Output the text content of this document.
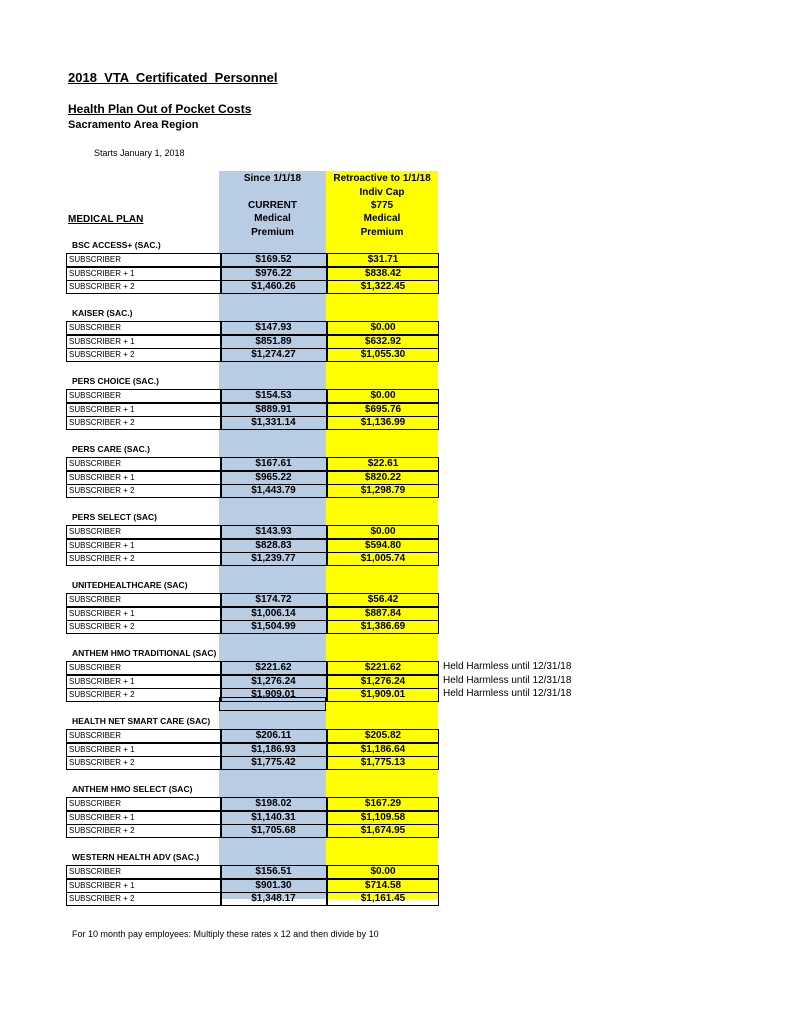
2018  VTA  Certificated  Personnel
Health Plan Out of Pocket Costs
Sacramento Area Region
Starts January 1, 2018
Since 1/1/18
CURRENT
Medical
Premium
Retroactive to 1/1/18
Indiv Cap
$775
Medical
Premium
MEDICAL PLAN
BSC ACCESS+ (SAC.)
SUBSCRIBER	$169.52	$31.71
SUBSCRIBER + 1	$976.22	$838.42
SUBSCRIBER + 2	$1,460.26	$1,322.45
KAISER (SAC.)
SUBSCRIBER	$147.93	$0.00
SUBSCRIBER + 1	$851.89	$632.92
SUBSCRIBER + 2	$1,274.27	$1,055.30
PERS CHOICE (SAC.)
SUBSCRIBER	$154.53	$0.00
SUBSCRIBER + 1	$889.91	$695.76
SUBSCRIBER + 2	$1,331.14	$1,136.99
PERS CARE (SAC.)
SUBSCRIBER	$167.61	$22.61
SUBSCRIBER + 1	$965.22	$820.22
SUBSCRIBER + 2	$1,443.79	$1,298.79
PERS SELECT (SAC)
SUBSCRIBER	$143.93	$0.00
SUBSCRIBER + 1	$828.83	$594.80
SUBSCRIBER + 2	$1,239.77	$1,005.74
UNITEDHEALTHCARE (SAC)
SUBSCRIBER	$174.72	$56.42
SUBSCRIBER + 1	$1,006.14	$887.84
SUBSCRIBER + 2	$1,504.99	$1,386.69
ANTHEM HMO TRADITIONAL (SAC)
SUBSCRIBER	$221.62	$221.62	Held Harmless until 12/31/18
SUBSCRIBER + 1	$1,276.24	$1,276.24	Held Harmless until 12/31/18
SUBSCRIBER + 2	$1,909.01	$1,909.01	Held Harmless until 12/31/18
HEALTH NET SMART CARE (SAC)
SUBSCRIBER	$206.11	$205.82
SUBSCRIBER + 1	$1,186.93	$1,186.64
SUBSCRIBER + 2	$1,775.42	$1,775.13
ANTHEM HMO SELECT (SAC)
SUBSCRIBER	$198.02	$167.29
SUBSCRIBER + 1	$1,140.31	$1,109.58
SUBSCRIBER + 2	$1,705.68	$1,674.95
WESTERN HEALTH ADV (SAC.)
SUBSCRIBER	$156.51	$0.00
SUBSCRIBER + 1	$901.30	$714.58
SUBSCRIBER + 2	$1,348.17	$1,161.45
For 10 month pay employees: Multiply these rates x 12 and then divide by 10
